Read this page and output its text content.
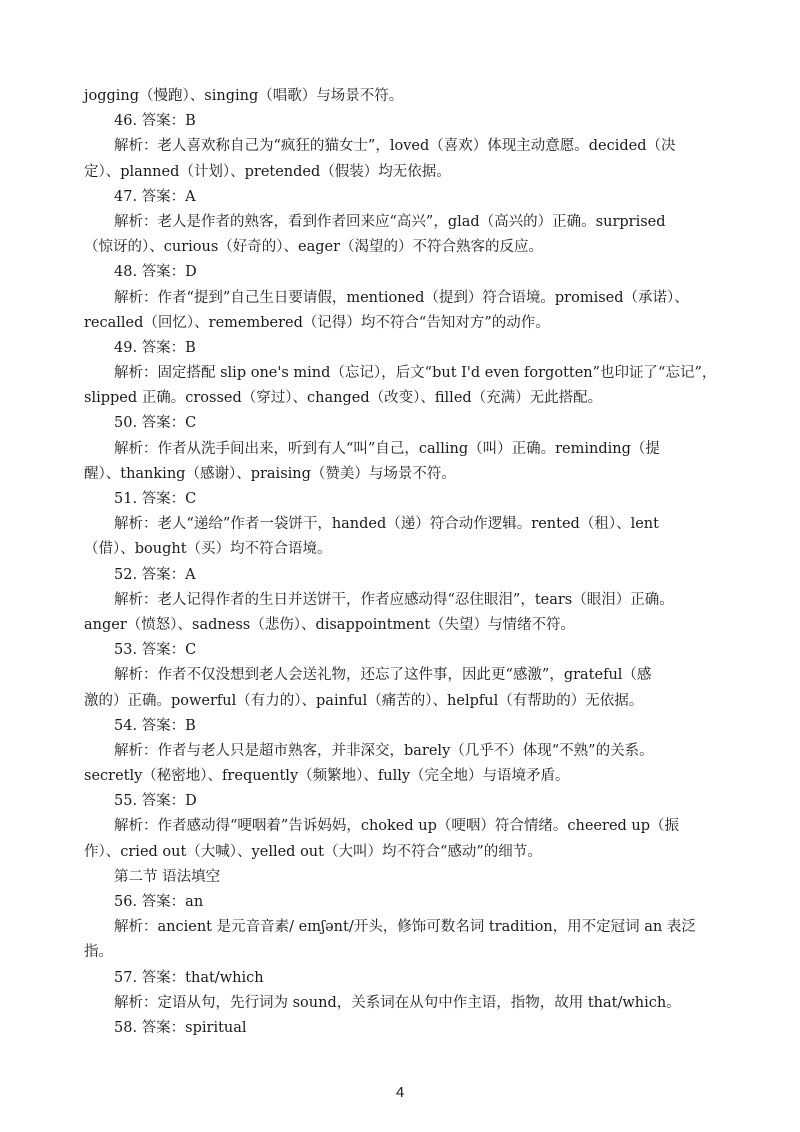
jogging（慢跑）、singing（唱歌）与场景不符。
46. 答案：B
解析：老人喜欢称自己为“疯狂的猫女士”，loved（喜欢）体现主动意愿。decided（决
定）、planned（计划）、pretended（假装）均无依据。
47. 答案：A
解析：老人是作者的熟客，看到作者回来应“高兴”，glad（高兴的）正确。surprised
（惊讶的）、curious（好奇的）、eager（渴望的）不符合熟客的反应。
48. 答案：D
解析：作者“提到”自己生日要请假，mentioned（提到）符合语境。promised（承诺）、
recalled（回忆）、remembered（记得）均不符合“告知对方”的动作。
49. 答案：B
解析：固定搭配 slip one's mind（忘记），后文“but I'd even forgotten”也印证了“忘记”，
slipped 正确。crossed（穿过）、changed（改变）、filled（充满）无此搭配。
50. 答案：C
解析：作者从洗手间出来，听到有人“叫”自己，calling（叫）正确。reminding（提
醒）、thanking（感谢）、praising（赞美）与场景不符。
51. 答案：C
解析：老人“递给”作者一袋饼干，handed（递）符合动作逻辑。rented（租）、lent
（借）、bought（买）均不符合语境。
52. 答案：A
解析：老人记得作者的生日并送饼干，作者应感动得“忍住眼泪”，tears（眼泪）正确。
anger（愤怒）、sadness（悲伤）、disappointment（失望）与情绪不符。
53. 答案：C
解析：作者不仅没想到老人会送礼物，还忘了这件事，因此更“感激”，grateful（感
激的）正确。powerful（有力的）、painful（痛苦的）、helpful（有帮助的）无依据。
54. 答案：B
解析：作者与老人只是超市熟客，并非深交，barely（几乎不）体现“不熟”的关系。
secretly（秘密地）、frequently（频繁地）、fully（完全地）与语境矛盾。
55. 答案：D
解析：作者感动得“哽咽着”告诉妈妈，choked up（哽咽）符合情绪。cheered up（振
作）、cried out（大喊）、yelled out（大叫）均不符合“感动”的细节。
第二节 语法填空
56. 答案：an
解析：ancient 是元音音素/ eɪnʃənt/开头，修饰可数名词 tradition，用不定冠词 an 表泛
指。
57. 答案：that/which
解析：定语从句，先行词为 sound，关系词在从句中作主语，指物，故用 that/which。
58. 答案：spiritual
4
